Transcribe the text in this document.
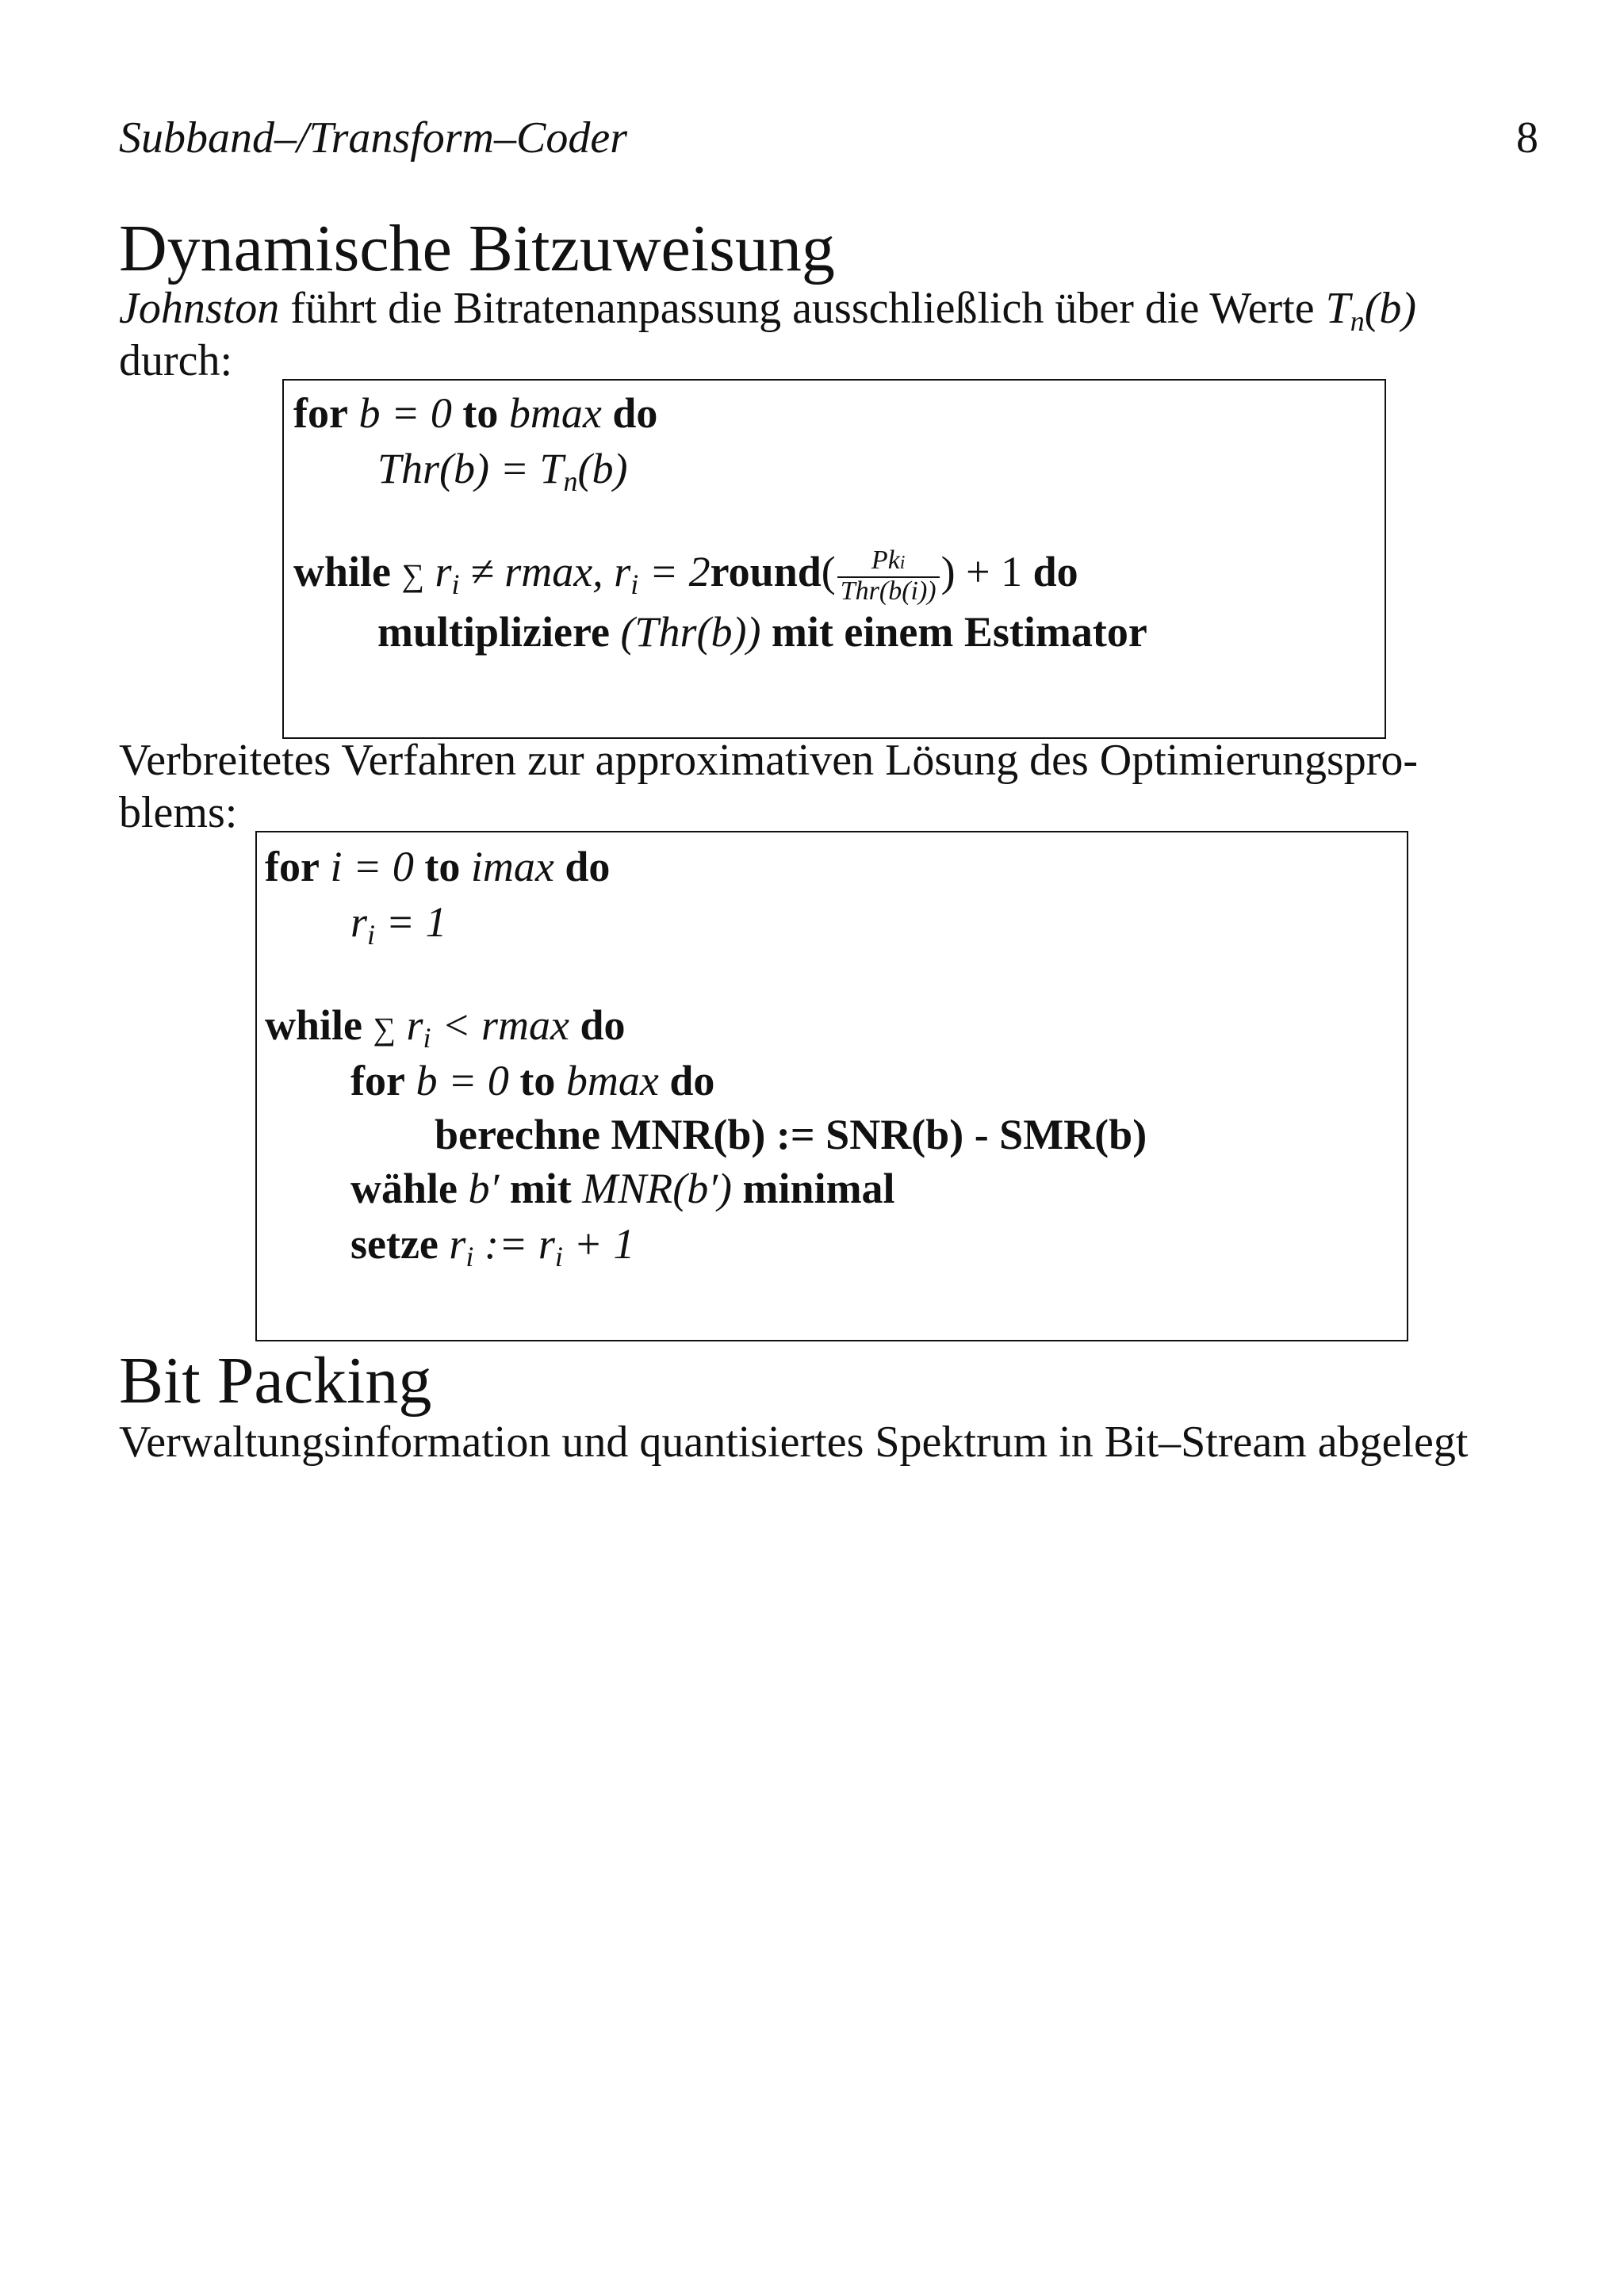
Subband–/Transform–Coder	8
Dynamische Bitzuweisung
Johnston führt die Bitratenanpassung ausschließlich über die Werte $T_n(b)$
durch:
for b = 0 to bmax do
$Thr(b) = T_n(b)$
while ∑ $r_i \ne rmax$, $r_i$ = 2round( $\frac{\text{Pki}}{\text{Thr(b(i))}}$ ) + 1 do
multipliziere (Thr(b)) mit einem Estimator
Verbreitetes Verfahren zur approximativen Lösung des Optimierungspro-
blems:
for i = 0 to imax do
$r_i = 1$
while ∑ $r_i < rmax$ do
for b = 0 to bmax do
berechne MNR(b) := SNR(b) - SMR(b)
wähle b′ mit MNR(b′) minimal
setze $r_i$ := $r_i + 1$
Bit Packing
Verwaltungsinformation und quantisiertes Spektrum in Bit–Stream abgelegt
